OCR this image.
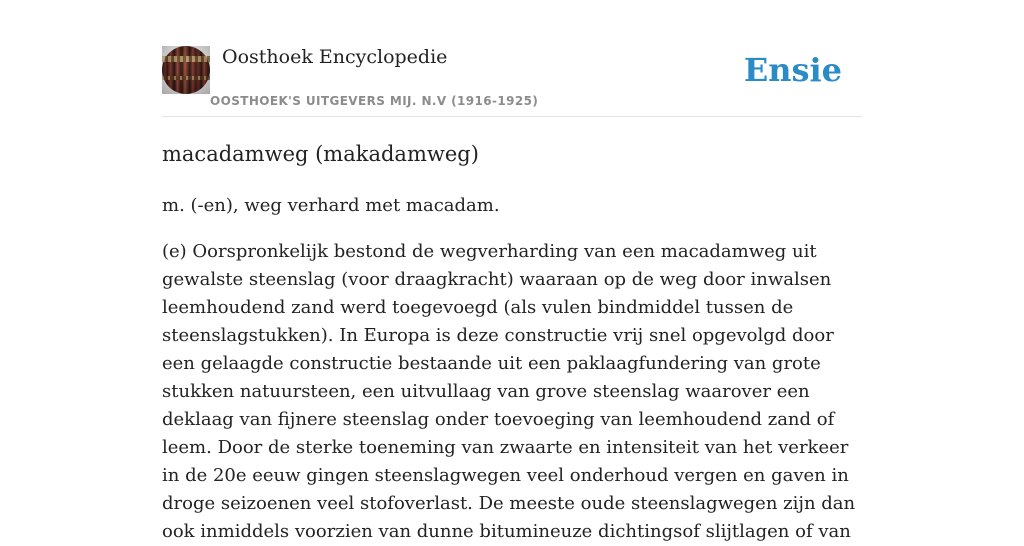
Oosthoek Encyclopedie
OOSTHOEK'S UITGEVERS MIJ. N.V (1916-1925)
Ensie
macadamweg (makadamweg)

m. (-en), weg verhard met macadam.

(e) Oorspronkelijk bestond de wegverharding van een macadamweg uit gewalste steenslag (voor draagkracht) waaraan op de weg door inwalsen leemhoudend zand werd toegevoegd (als vulen bindmiddel tussen de steenslagstukken). In Europa is deze constructie vrij snel opgevolgd door een gelaagde constructie bestaande uit een paklaagfundering van grote stukken natuursteen, een uitvullaag van grove steenslag waarover een deklaag van fijnere steenslag onder toevoeging van leemhoudend zand of leem. Door de sterke toeneming van zwaarte en intensiteit van het verkeer in de 20e eeuw gingen steenslagwegen veel onderhoud vergen en gaven in droge seizoenen veel stofoverlast. De meeste oude steenslagwegen zijn dan ook inmiddels voorzien van dunne bitumineuze dichtingsof slijtlagen of van
